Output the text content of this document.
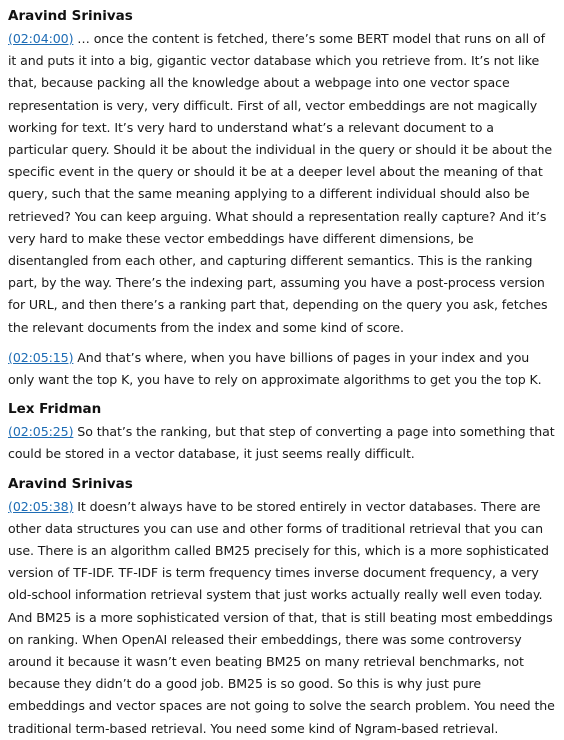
Aravind Srinivas

(02:04:00) … once the content is fetched, there’s some BERT model that runs on all of it and puts it into a big, gigantic vector database which you retrieve from. It’s not like that, because packing all the knowledge about a webpage into one vector space representation is very, very difficult. First of all, vector embeddings are not magically working for text. It’s very hard to understand what’s a relevant document to a particular query. Should it be about the individual in the query or should it be about the specific event in the query or should it be at a deeper level about the meaning of that query, such that the same meaning applying to a different individual should also be retrieved? You can keep arguing. What should a representation really capture? And it’s very hard to make these vector embeddings have different dimensions, be disentangled from each other, and capturing different semantics. This is the ranking part, by the way. There’s the indexing part, assuming you have a post-process version for URL, and then there’s a ranking part that, depending on the query you ask, fetches the relevant documents from the index and some kind of score.

(02:05:15) And that’s where, when you have billions of pages in your index and you only want the top K, you have to rely on approximate algorithms to get you the top K.

Lex Fridman

(02:05:25) So that’s the ranking, but that step of converting a page into something that could be stored in a vector database, it just seems really difficult.

Aravind Srinivas

(02:05:38) It doesn’t always have to be stored entirely in vector databases. There are other data structures you can use and other forms of traditional retrieval that you can use. There is an algorithm called BM25 precisely for this, which is a more sophisticated version of TF-IDF. TF-IDF is term frequency times inverse document frequency, a very old-school information retrieval system that just works actually really well even today. And BM25 is a more sophisticated version of that, that is still beating most embeddings on ranking. When OpenAI released their embeddings, there was some controversy around it because it wasn’t even beating BM25 on many retrieval benchmarks, not because they didn’t do a good job. BM25 is so good. So this is why just pure embeddings and vector spaces are not going to solve the search problem. You need the traditional term-based retrieval. You need some kind of Ngram-based retrieval.
